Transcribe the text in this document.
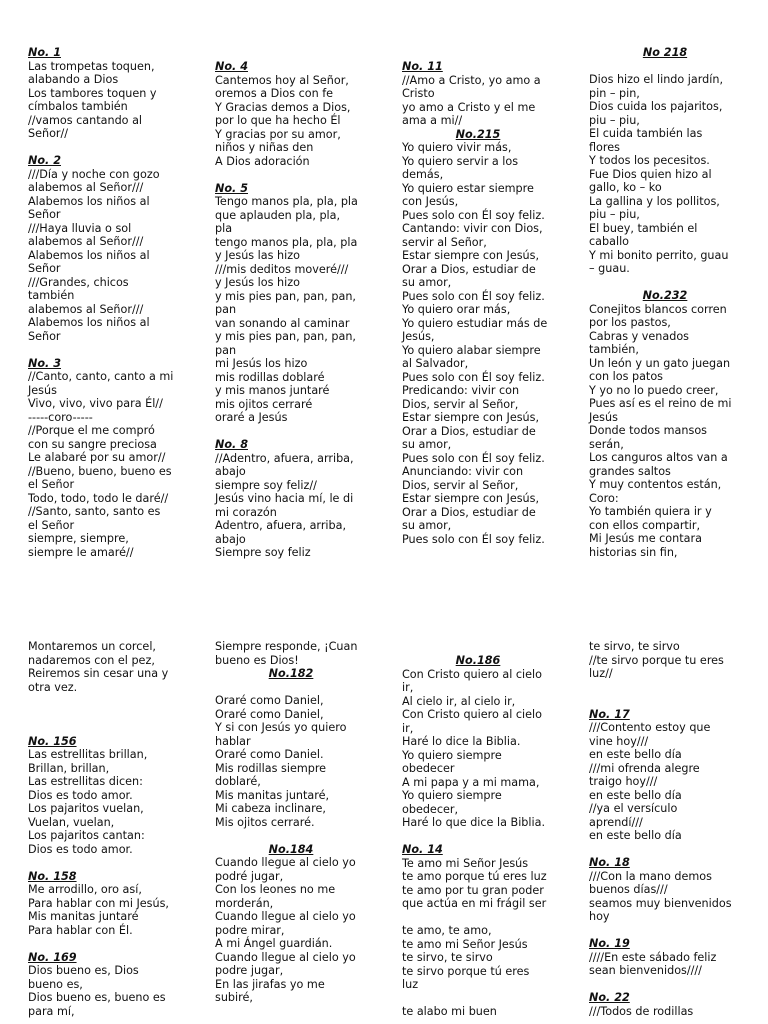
No. 1
Las trompetas toquen,
alabando a Dios
Los tambores toquen y
címbalos también
//vamos cantando al
Señor//
No. 2
///Día y noche con gozo
alabemos al Señor///
Alabemos los niños al
Señor
///Haya lluvia o sol
alabemos al Señor///
Alabemos los niños al
Señor
///Grandes, chicos
también
alabemos al Señor///
Alabemos los niños al
Señor
No. 3
//Canto, canto, canto a mi
Jesús
Vivo, vivo, vivo para Él//
-----coro-----
//Porque el me compró
con su sangre preciosa
Le alabaré por su amor//
//Bueno, bueno, bueno es
el Señor
Todo, todo, todo le daré//
//Santo, santo, santo es
el Señor
siempre, siempre,
siempre le amaré//
No. 4
Cantemos hoy al Señor,
oremos a Dios con fe
Y Gracias demos a Dios,
por lo que ha hecho Él
Y gracias por su amor,
niños y niñas den
A Dios adoración
No. 5
Tengo manos pla, pla, pla
que aplauden pla, pla,
pla
tengo manos pla, pla, pla
y Jesús las hizo
///mis deditos moveré///
y Jesús los hizo
y mis pies pan, pan, pan,
pan
van sonando al caminar
y mis pies pan, pan, pan,
pan
mi Jesús los hizo
mis rodillas doblaré
y mis manos juntaré
mis ojitos cerraré
oraré a Jesús
No. 8
//Adentro, afuera, arriba,
abajo
siempre soy feliz//
Jesús vino hacia mí, le di
mi corazón
Adentro, afuera, arriba,
abajo
Siempre soy feliz
No. 11
//Amo a Cristo, yo amo a
Cristo
yo amo a Cristo y el me
ama a mi//
No.215
Yo quiero vivir más,
Yo quiero servir a los
demás,
Yo quiero estar siempre
con Jesús,
Pues solo con Él soy feliz.
Cantando: vivir con Dios,
servir al Señor,
Estar siempre con Jesús,
Orar a Dios, estudiar de
su amor,
Pues solo con Él soy feliz.
Yo quiero orar más,
Yo quiero estudiar más de
Jesús,
Yo quiero alabar siempre
al Salvador,
Pues solo con Él soy feliz.
Predicando: vivir con
Dios, servir al Señor,
Estar siempre con Jesús,
Orar a Dios, estudiar de
su amor,
Pues solo con Él soy feliz.
Anunciando: vivir con
Dios, servir al Señor,
Estar siempre con Jesús,
Orar a Dios, estudiar de
su amor,
Pues solo con Él soy feliz.
No 218

Dios hizo el lindo jardín,
pin – pin,
Dios cuida los pajaritos,
piu – piu,
El cuida también las
flores
Y todos los pecesitos.
Fue Dios quien hizo al
gallo, ko – ko
La gallina y los pollitos,
piu – piu,
El buey, también el
caballo
Y mi bonito perrito, guau
– guau.
No.232
Conejitos blancos corren
por los pastos,
Cabras y venados
también,
Un león y un gato juegan
con los patos
Y yo no lo puedo creer,
Pues así es el reino de mi
Jesús
Donde todos mansos
serán,
Los canguros altos van a
grandes saltos
Y muy contentos están,
Coro:
Yo también quiera ir y
con ellos compartir,
Mi Jesús me contara
historias sin fin,
Montaremos un corcel,
nadaremos con el pez,
Reiremos sin cesar una y
otra vez.

No. 156
Las estrellitas brillan,
Brillan, brillan,
Las estrellitas dicen:
Dios es todo amor.
Los pajaritos vuelan,
Vuelan, vuelan,
Los pajaritos cantan:
Dios es todo amor.
No. 158
Me arrodillo, oro así,
Para hablar con mi Jesús,
Mis manitas juntaré
Para hablar con Él.
No. 169
Dios bueno es, Dios
bueno es,
Dios bueno es, bueno es
para mí,
Siempre responde, ¡Cuan
bueno es Dios!
No.182

Oraré como Daniel,
Oraré como Daniel,
Y si con Jesús yo quiero
hablar
Oraré como Daniel.
Mis rodillas siempre
doblaré,
Mis manitas juntaré,
Mi cabeza inclinare,
Mis ojitos cerraré.

No.184
Cuando llegue al cielo yo
podré jugar,
Con los leones no me
morderán,
Cuando llegue al cielo yo
podre mirar,
A mi Ángel guardián.
Cuando llegue al cielo yo
podre jugar,
En las jirafas yo me
subiré,
No.186
Con Cristo quiero al cielo
ir,
Al cielo ir, al cielo ir,
Con Cristo quiero al cielo
ir,
Haré lo dice la Biblia.
Yo quiero siempre
obedecer
A mi papa y a mi mama,
Yo quiero siempre
obedecer,
Haré lo que dice la Biblia.
No. 14
Te amo mi Señor Jesús
te amo porque tú eres luz
te amo por tu gran poder
que actúa en mi frágil ser

te amo, te amo,
te amo mi Señor Jesús
te sirvo, te sirvo
te sirvo porque tú eres
luz

te alabo mi buen
te sirvo, te sirvo
//te sirvo porque tu eres
luz//

No. 17
///Contento estoy que
vine hoy///
en este bello día
///mi ofrenda alegre
traigo hoy///
en este bello día
//ya el versículo
aprendí///
en este bello día
No. 18
///Con la mano demos
buenos días///
seamos muy bienvenidos
hoy
No. 19
////En este sábado feliz
sean bienvenidos////
No. 22
///Todos de rodillas
